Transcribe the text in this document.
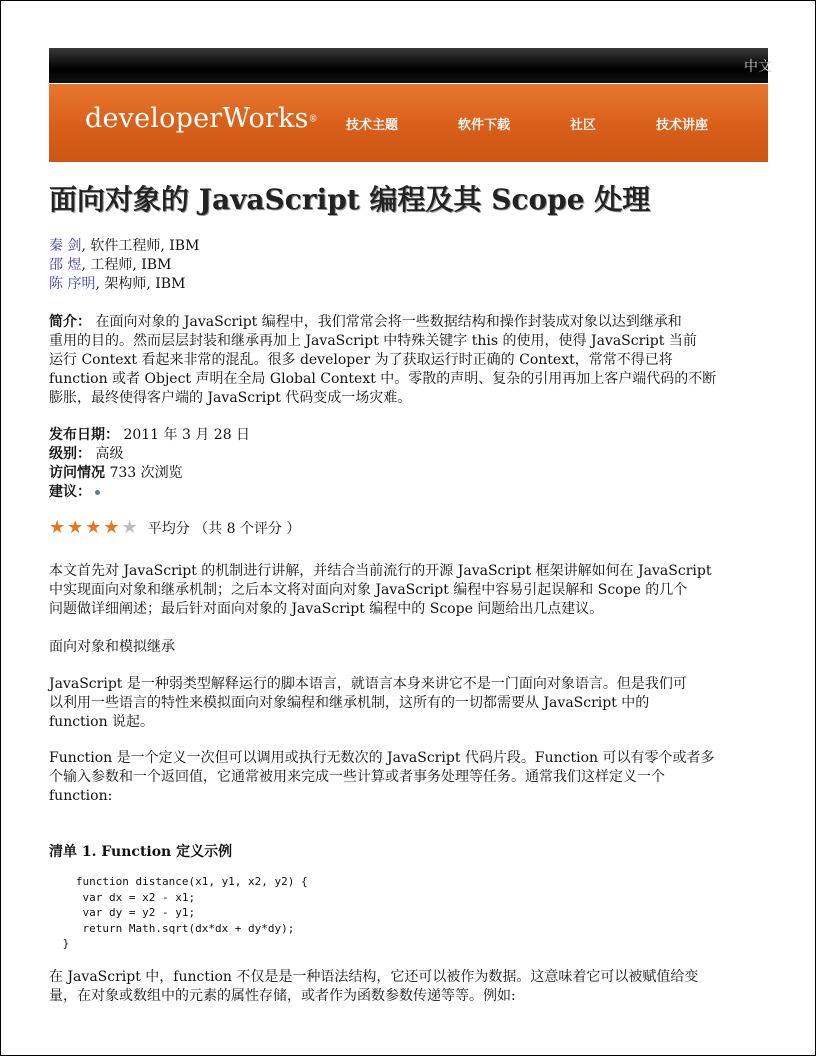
中文
developerWorks® 技术主题	软件下载	社区	技术讲座
面向对象的 JavaScript 编程及其 Scope 处理
秦 剑, 软件工程师, IBM
邵 煜, 工程师, IBM
陈 序明, 架构师, IBM
简介： 在面向对象的 JavaScript 编程中，我们常常会将一些数据结构和操作封装成对象以达到继承和
重用的目的。然而层层封装和继承再加上 JavaScript 中特殊关键字 this 的使用，使得 JavaScript 当前
运行 Context 看起来非常的混乱。很多 developer 为了获取运行时正确的 Context，常常不得已将
function 或者 Object 声明在全局 Global Context 中。零散的声明、复杂的引用再加上客户端代码的不断
膨胀，最终使得客户端的 JavaScript 代码变成一场灾难。
发布日期： 2011 年 3 月 28 日
级别： 高级
访问情况 733 次浏览
建议：
★ ★ ★ ★ ★ 平均分 （共 8 个评分 ）
本文首先对 JavaScript 的机制进行讲解，并结合当前流行的开源 JavaScript 框架讲解如何在 JavaScript
中实现面向对象和继承机制；之后本文将对面向对象 JavaScript 编程中容易引起误解和 Scope 的几个
问题做详细阐述；最后针对面向对象的 JavaScript 编程中的 Scope 问题给出几点建议。
面向对象和模拟继承
JavaScript 是一种弱类型解释运行的脚本语言，就语言本身来讲它不是一门面向对象语言。但是我们可
以利用一些语言的特性来模拟面向对象编程和继承机制，这所有的一切都需要从 JavaScript 中的
function 说起。
Function 是一个定义一次但可以调用或执行无数次的 JavaScript 代码片段。Function 可以有零个或者多
个输入参数和一个返回值，它通常被用来完成一些计算或者事务处理等任务。通常我们这样定义一个
function:
清单 1. Function 定义示例
function distance(x1, y1, x2, y2) {
var dx = x2 - x1;
var dy = y2 - y1;
return Math.sqrt(dx*dx + dy*dy);
}
在 JavaScript 中，function 不仅是是一种语法结构，它还可以被作为数据。这意味着它可以被赋值给变
量，在对象或数组中的元素的属性存储，或者作为函数参数传递等等。例如:
